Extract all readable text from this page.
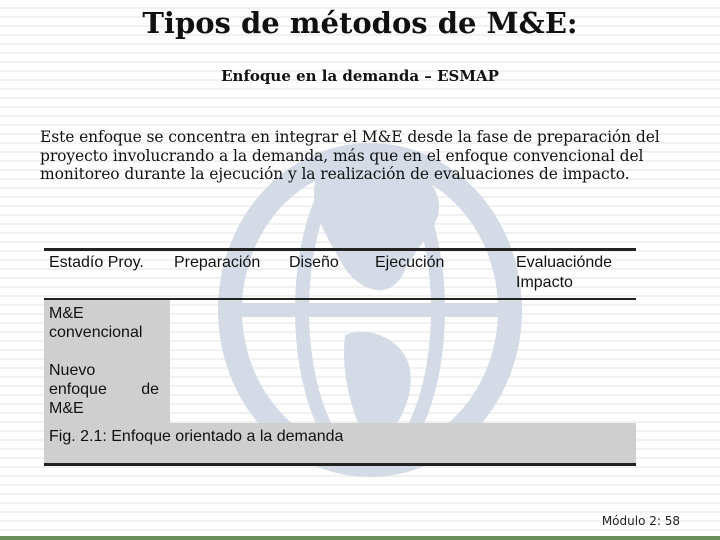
Tipos de métodos de M&E:
Enfoque en la demanda – ESMAP
Este enfoque se concentra en integrar el M&E desde la fase de preparación del proyecto involucrando a la demanda, más que en el enfoque convencional del monitoreo durante la ejecución y la realización de evaluaciones de impacto.
Estadío Proy. Preparación Diseño Ejecución	Evaluaciónde
Impacto
M&E
convencional
Nuevo
enfoque de
M&E
Fig. 2.1: Enfoque orientado a la demanda
Módulo 2: 58
